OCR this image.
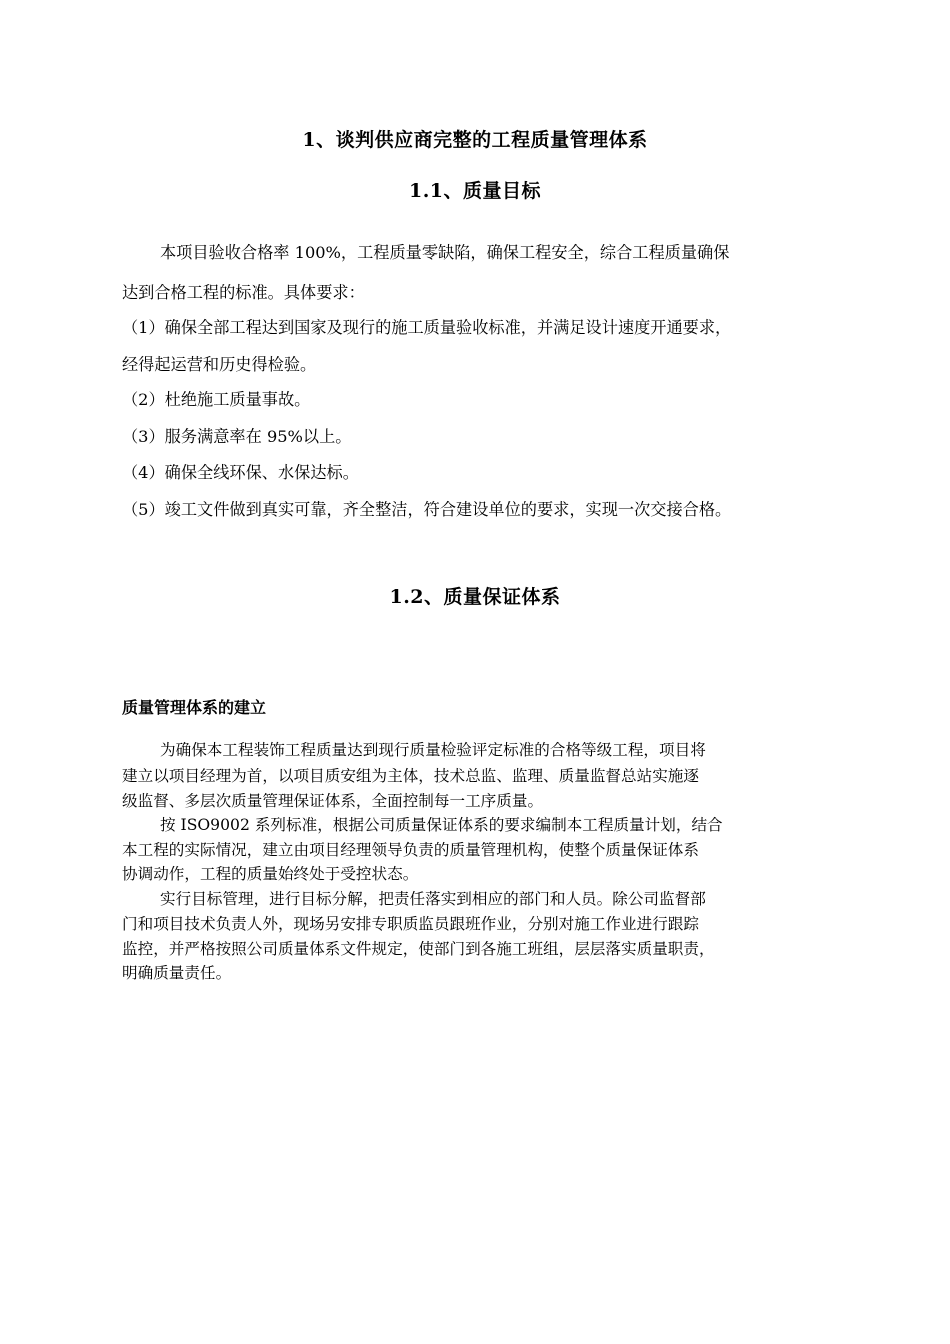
1、谈判供应商完整的工程质量管理体系
1.1、质量目标
本项目验收合格率 100%，工程质量零缺陷，确保工程安全，综合工程质量确保
达到合格工程的标准。具体要求：
（1）确保全部工程达到国家及现行的施工质量验收标准，并满足设计速度开通要求，
经得起运营和历史得检验。
（2）杜绝施工质量事故。
（3）服务满意率在 95%以上。
（4）确保全线环保、水保达标。
（5）竣工文件做到真实可靠，齐全整洁，符合建设单位的要求，实现一次交接合格。
1.2、质量保证体系
质量管理体系的建立
为确保本工程装饰工程质量达到现行质量检验评定标准的合格等级工程，项目将
建立以项目经理为首，以项目质安组为主体，技术总监、监理、质量监督总站实施逐
级监督、多层次质量管理保证体系，全面控制每一工序质量。
按 ISO9002 系列标准，根据公司质量保证体系的要求编制本工程质量计划，结合
本工程的实际情况，建立由项目经理领导负责的质量管理机构，使整个质量保证体系
协调动作，工程的质量始终处于受控状态。
实行目标管理，进行目标分解，把责任落实到相应的部门和人员。除公司监督部
门和项目技术负责人外，现场另安排专职质监员跟班作业，分别对施工作业进行跟踪
监控，并严格按照公司质量体系文件规定，使部门到各施工班组，层层落实质量职责，
明确质量责任。
